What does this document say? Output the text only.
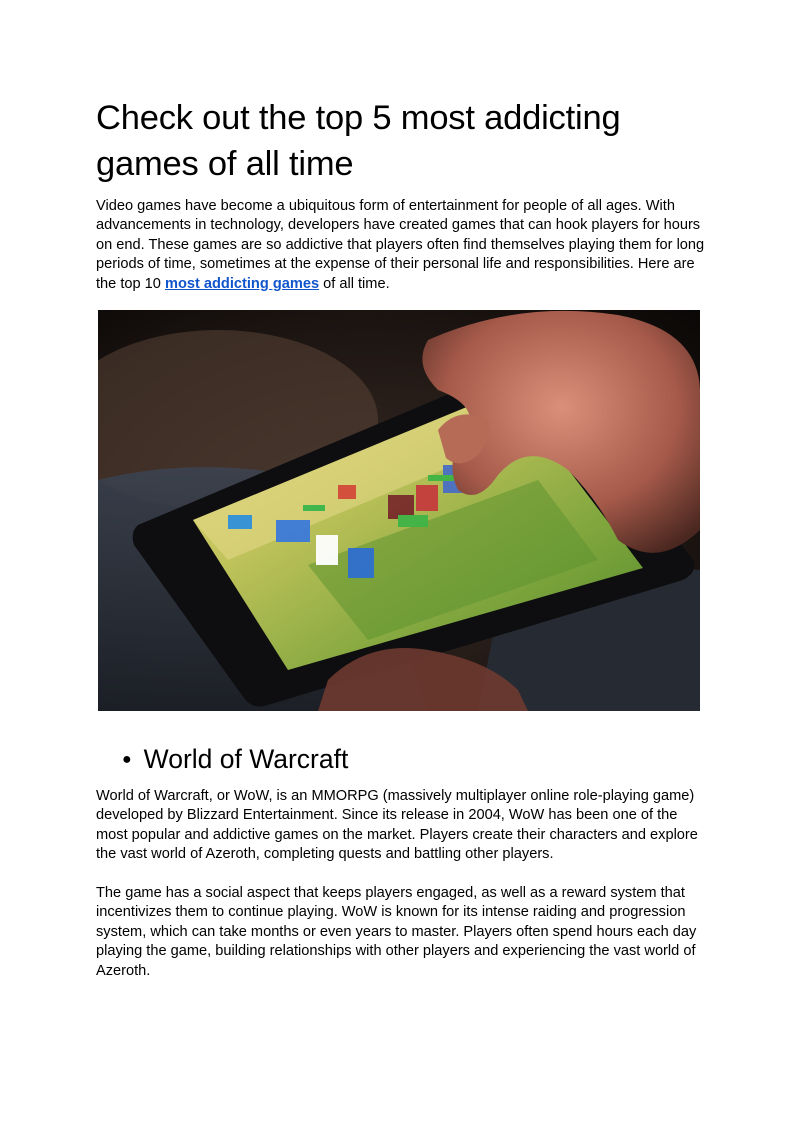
Check out the top 5 most addicting games of all time

Video games have become a ubiquitous form of entertainment for people of all ages. With advancements in technology, developers have created games that can hook players for hours on end. These games are so addictive that players often find themselves playing them for long periods of time, sometimes at the expense of their personal life and responsibilities. Here are the top 10 most addicting games of all time.

● World of Warcraft

World of Warcraft, or WoW, is an MMORPG (massively multiplayer online role-playing game) developed by Blizzard Entertainment. Since its release in 2004, WoW has been one of the most popular and addictive games on the market. Players create their characters and explore the vast world of Azeroth, completing quests and battling other players.

The game has a social aspect that keeps players engaged, as well as a reward system that incentivizes them to continue playing. WoW is known for its intense raiding and progression system, which can take months or even years to master. Players often spend hours each day playing the game, building relationships with other players and experiencing the vast world of Azeroth.
